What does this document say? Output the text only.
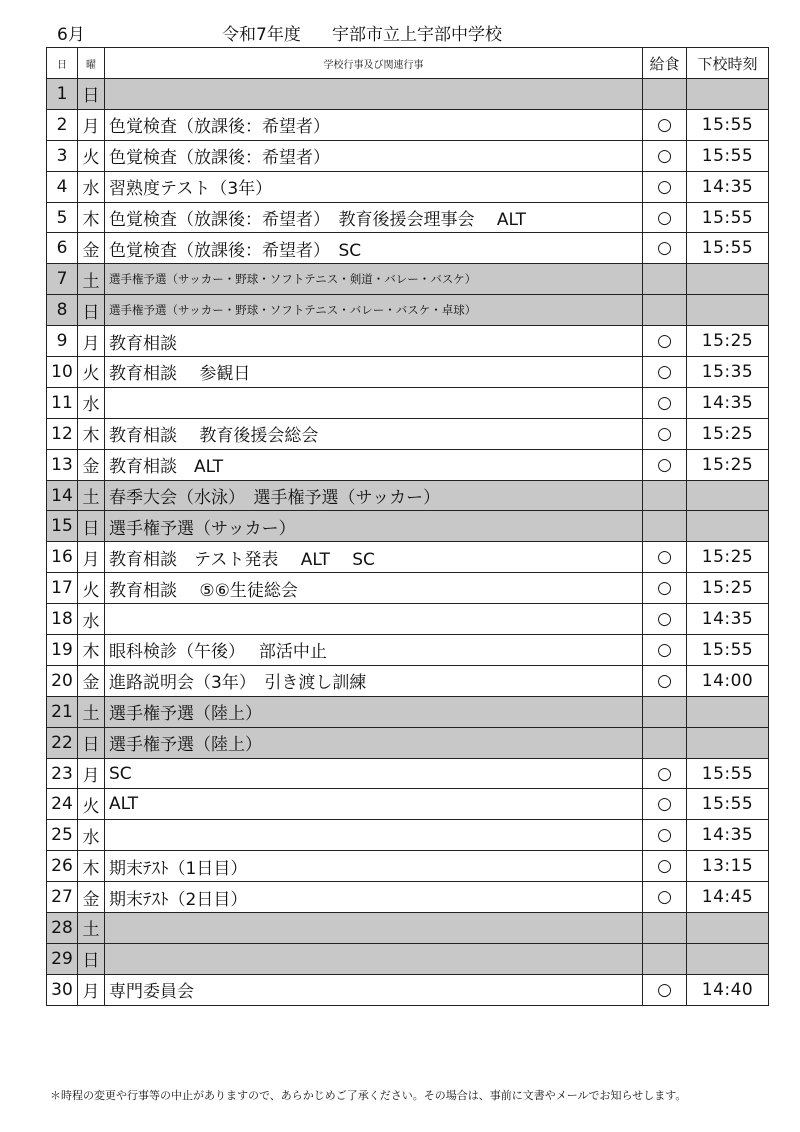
6月	令和7年度 宇部市立上宇部中学校
日	曜	学校行事及び関連行事	給食	下校時刻
1	日			
2	月	色覚検査（放課後：希望者）	○	15:55
3	火	色覚検査（放課後：希望者）	○	15:55
4	水	習熟度テスト（3年）	○	14:35
5	木	色覚検査（放課後：希望者）　教育後援会理事会　 ALT	○	15:55
6	金	色覚検査（放課後：希望者）　SC	○	15:55
7	土	選手権予選（サッカー・野球・ソフトテニス・剣道・バレー・バスケ）		
8	日	選手権予選（サッカー・野球・ソフトテニス・バレー・バスケ・卓球）		
9	月	教育相談	○	15:25
10	火	教育相談　 参観日	○	15:35
11	水		○	14:35
12	木	教育相談　 教育後援会総会	○	15:25
13	金	教育相談　ALT	○	15:25
14	土	春季大会（水泳）　選手権予選（サッカー）		
15	日	選手権予選（サッカー）		
16	月	教育相談　テスト発表　 ALT　 SC	○	15:25
17	火	教育相談　 ⑤⑥生徒総会	○	15:25
18	水		○	14:35
19	木	眼科検診（午後）　 部活中止	○	15:55
20	金	進路説明会（3年）　引き渡し訓練	○	14:00
21	土	選手権予選（陸上）		
22	日	選手権予選（陸上）		
23	月	SC	○	15:55
24	火	ALT	○	15:55
25	水		○	14:35
26	木	期末ﾃｽﾄ（1日目）	○	13:15
27	金	期末ﾃｽﾄ（2日目）	○	14:45
28	土			
29	日			
30	月	専門委員会	○	14:40
＊時程の変更や行事等の中止がありますので、あらかじめご了承ください。その場合は、事前に文書やメールでお知らせします。
